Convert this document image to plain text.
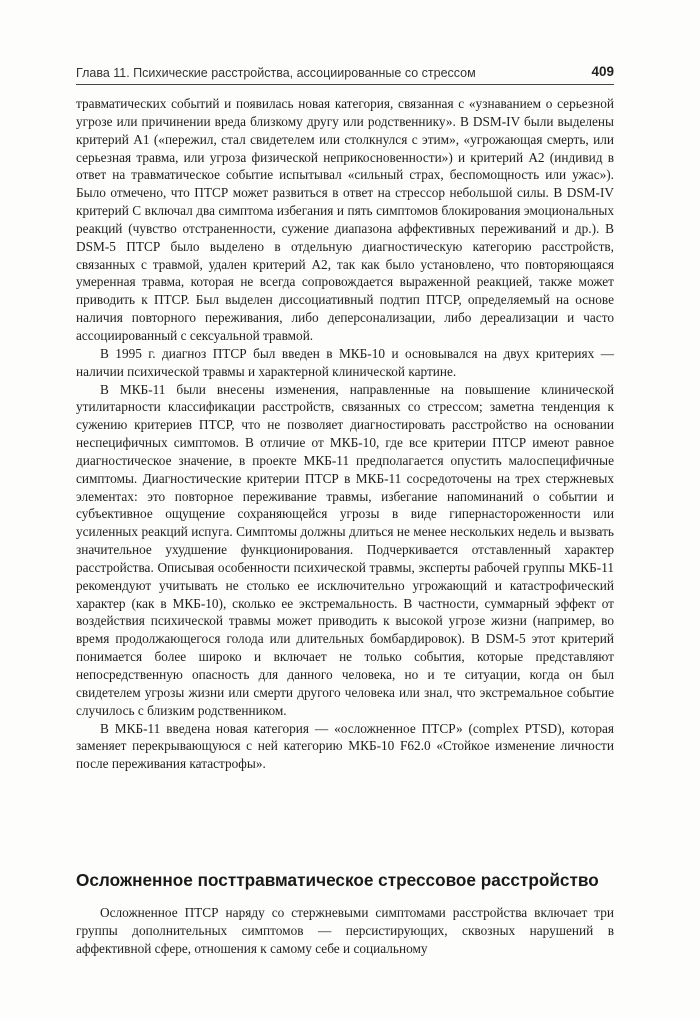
Глава 11. Психические расстройства, ассоциированные со стрессом	409

травматических событий и появилась новая категория, связанная с «узнаванием о серьезной угрозе или причинении вреда близкому другу или родственнику». В DSM-IV были выделены критерий A1 («пережил, стал свидетелем или столкнулся с этим», «угрожающая смерть, или серьезная травма, или угроза физической неприкосновенности») и критерий A2 (индивид в ответ на травматическое событие испытывал «сильный страх, беспомощность или ужас»). Было отмечено, что ПТСР может развиться в ответ на стрессор небольшой силы. В DSM-IV критерий C включал два симптома избегания и пять симптомов блокирования эмоциональных реакций (чувство отстраненности, сужение диапазона аффективных переживаний и др.). В DSM-5 ПТСР было выделено в отдельную диагностическую категорию расстройств, связанных с травмой, удален критерий A2, так как было установлено, что повторяющаяся умеренная травма, которая не всегда сопровождается выраженной реакцией, также может приводить к ПТСР. Был выделен диссоциативный подтип ПТСР, определяемый на основе наличия повторного переживания, либо деперсонализации, либо дереализации и часто ассоциированный с сексуальной травмой.

В 1995 г. диагноз ПТСР был введен в МКБ-10 и основывался на двух критериях — наличии психической травмы и характерной клинической картине.

В МКБ-11 были внесены изменения, направленные на повышение клинической утилитарности классификации расстройств, связанных со стрессом; заметна тенденция к сужению критериев ПТСР, что не позволяет диагностировать расстройство на основании неспецифичных симптомов. В отличие от МКБ-10, где все критерии ПТСР имеют равное диагностическое значение, в проекте МКБ-11 предполагается опустить малоспецифичные симптомы. Диагностические критерии ПТСР в МКБ-11 сосредоточены на трех стержневых элементах: это повторное переживание травмы, избегание напоминаний о событии и субъективное ощущение сохраняющейся угрозы в виде гипернастороженности или усиленных реакций испуга. Симптомы должны длиться не менее нескольких недель и вызвать значительное ухудшение функционирования. Подчеркивается отставленный характер расстройства. Описывая особенности психической травмы, эксперты рабочей группы МКБ-11 рекомендуют учитывать не столько ее исключительно угрожающий и катастрофический характер (как в МКБ-10), сколько ее экстремальность. В частности, суммарный эффект от воздействия психической травмы может приводить к высокой угрозе жизни (например, во время продолжающегося голода или длительных бомбардировок). В DSM-5 этот критерий понимается более широко и включает не только события, которые представляют непосредственную опасность для данного человека, но и те ситуации, когда он был свидетелем угрозы жизни или смерти другого человека или знал, что экстремальное событие случилось с близким родственником.

В МКБ-11 введена новая категория — «осложненное ПТСР» (complex PTSD), которая заменяет перекрывающуюся с ней категорию МКБ-10 F62.0 «Стойкое изменение личности после переживания катастрофы».

Осложненное посттравматическое стрессовое расстройство

Осложненное ПТСР наряду со стержневыми симптомами расстройства включает три группы дополнительных симптомов — персистирующих, сквозных нарушений в аффективной сфере, отношения к самому себе и социальному
